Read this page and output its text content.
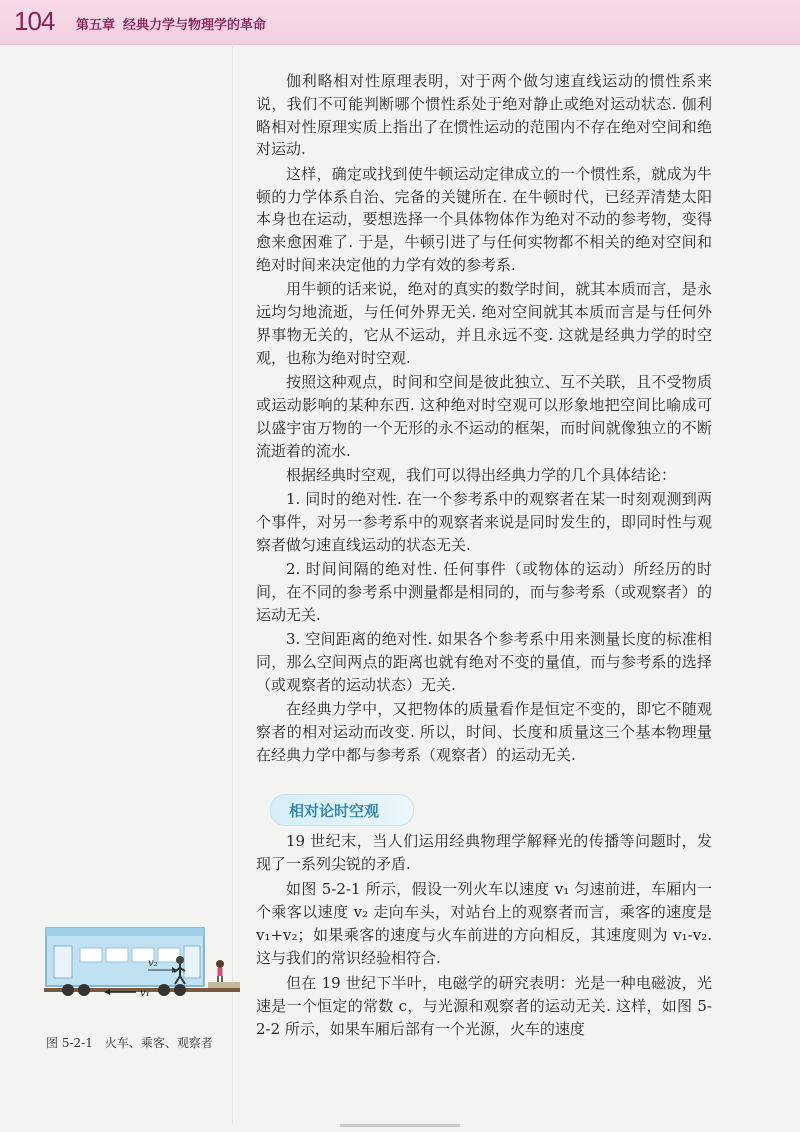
104 第五章 经典力学与物理学的革命

伽利略相对性原理表明，对于两个做匀速直线运动的惯性系来说，我们不可能判断哪个惯性系处于绝对静止或绝对运动状态. 伽利略相对性原理实质上指出了在惯性运动的范围内不存在绝对空间和绝对运动.

这样，确定或找到使牛顿运动定律成立的一个惯性系，就成为牛顿的力学体系自治、完备的关键所在. 在牛顿时代，已经弄清楚太阳本身也在运动，要想选择一个具体物体作为绝对不动的参考物，变得愈来愈困难了. 于是，牛顿引进了与任何实物都不相关的绝对空间和绝对时间来决定他的力学有效的参考系.

用牛顿的话来说，绝对的真实的数学时间，就其本质而言，是永远均匀地流逝，与任何外界无关. 绝对空间就其本质而言是与任何外界事物无关的，它从不运动，并且永远不变. 这就是经典力学的时空观，也称为绝对时空观.

按照这种观点，时间和空间是彼此独立、互不关联，且不受物质或运动影响的某种东西. 这种绝对时空观可以形象地把空间比喻成可以盛宇宙万物的一个无形的永不运动的框架，而时间就像独立的不断流逝着的流水.

根据经典时空观，我们可以得出经典力学的几个具体结论：

1. 同时的绝对性. 在一个参考系中的观察者在某一时刻观测到两个事件，对另一参考系中的观察者来说是同时发生的，即同时性与观察者做匀速直线运动的状态无关.

2. 时间间隔的绝对性. 任何事件（或物体的运动）所经历的时间，在不同的参考系中测量都是相同的，而与参考系（或观察者）的运动无关.

3. 空间距离的绝对性. 如果各个参考系中用来测量长度的标准相同，那么空间两点的距离也就有绝对不变的量值，而与参考系的选择（或观察者的运动状态）无关.

在经典力学中，又把物体的质量看作是恒定不变的，即它不随观察者的相对运动而改变. 所以，时间、长度和质量这三个基本物理量在经典力学中都与参考系（观察者）的运动无关.

相对论时空观

19 世纪末，当人们运用经典物理学解释光的传播等问题时，发现了一系列尖锐的矛盾.

如图 5-2-1 所示，假设一列火车以速度 v₁ 匀速前进，车厢内一个乘客以速度 v₂ 走向车头，对站台上的观察者而言，乘客的速度是 v₁+v₂；如果乘客的速度与火车前进的方向相反，其速度则为 v₁-v₂. 这与我们的常识经验相符合.

但在 19 世纪下半叶，电磁学的研究表明：光是一种电磁波，光速是一个恒定的常数 c，与光源和观察者的运动无关. 这样，如图 5-2-2 所示，如果车厢后部有一个光源，火车的速度

v₂
v₁
图 5-2-1 火车、乘客、观察者
